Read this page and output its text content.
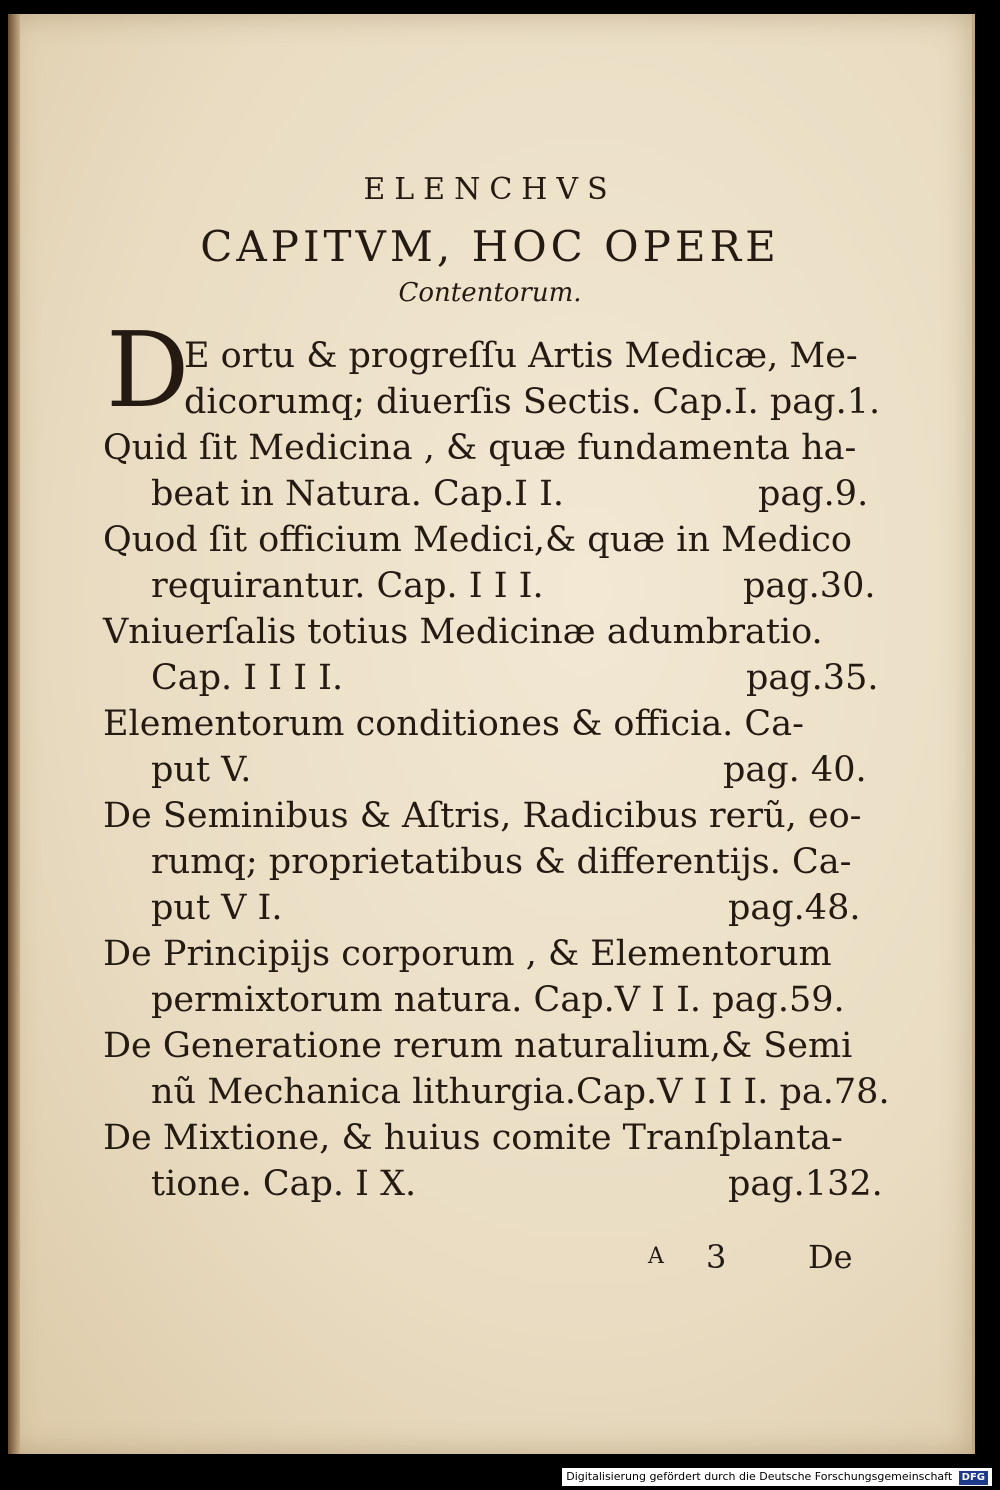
ELENCHVS
CAPITVM, HOC OPERE
Contentorum.
D
E ortu & progreſſu Artis Medicæ, Me-
dicorumq; diuerſis Sectis. Cap.I. pag.1.
Quid ſit Medicina , & quæ fundamenta ha-
beat in Natura. Cap.I I.	pag.9.
Quod ſit officium Medici,& quæ in Medico
requirantur. Cap. I I I.	pag.30.
Vniuerſalis totius Medicinæ adumbratio.
Cap. I I I I.	pag.35.
Elementorum conditiones & officia. Ca-
put V.	pag. 40.
De Seminibus & Aſtris, Radicibus rerũ, eo-
rumq; proprietatibus & differentijs. Ca-
put V I.	pag.48.
De Principijs corporum , & Elementorum
permixtorum natura. Cap.V I I. pag.59.
De Generatione rerum naturalium,& Semi
nũ Mechanica lithurgia.Cap.V I I I. pa.78.
De Mixtione, & huius comite Tranſplanta-
tione. Cap. I X.	pag.132.
A 3	De
Digitalisierung gefördert durch die Deutsche Forschungsgemeinschaft DFG
